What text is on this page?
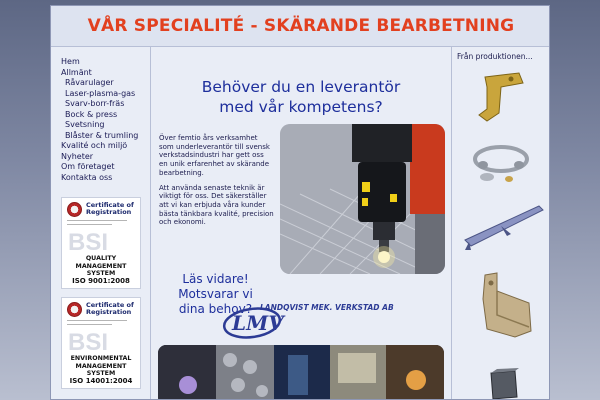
VÅR SPECIALITÉ - SKÄRANDE BEARBETNING
Hem
Allmänt
Råvarulager
Laser-plasma-gas
Svarv-borr-fräs
Bock & press
Svetsning
Blåster & trumling
Kvalité och miljö
Nyheter
Om företaget
Kontakta oss
Certificate of Registration
BSI
QUALITY
MANAGEMENT SYSTEM
ISO 9001:2008
Certificate of Registration
BSI
ENVIRONMENTAL
MANAGEMENT SYSTEM
ISO 14001:2004
Behöver du en leverantör
med vår kompetens?

Över femtio års verksamhet som underleverantör till svensk verkstadsindustri har gett oss en unik erfarenhet av skärande bearbetning.

Att använda senaste teknik är viktigt för oss. Det säkerställer att vi kan erbjuda våra kunder bästa tänkbara kvalité, precision och ekonomi.

Läs vidare!
Motsvarar vi
dina behov?
LMV
LANDQVIST MEK. VERKSTAD AB
Från produktionen...
